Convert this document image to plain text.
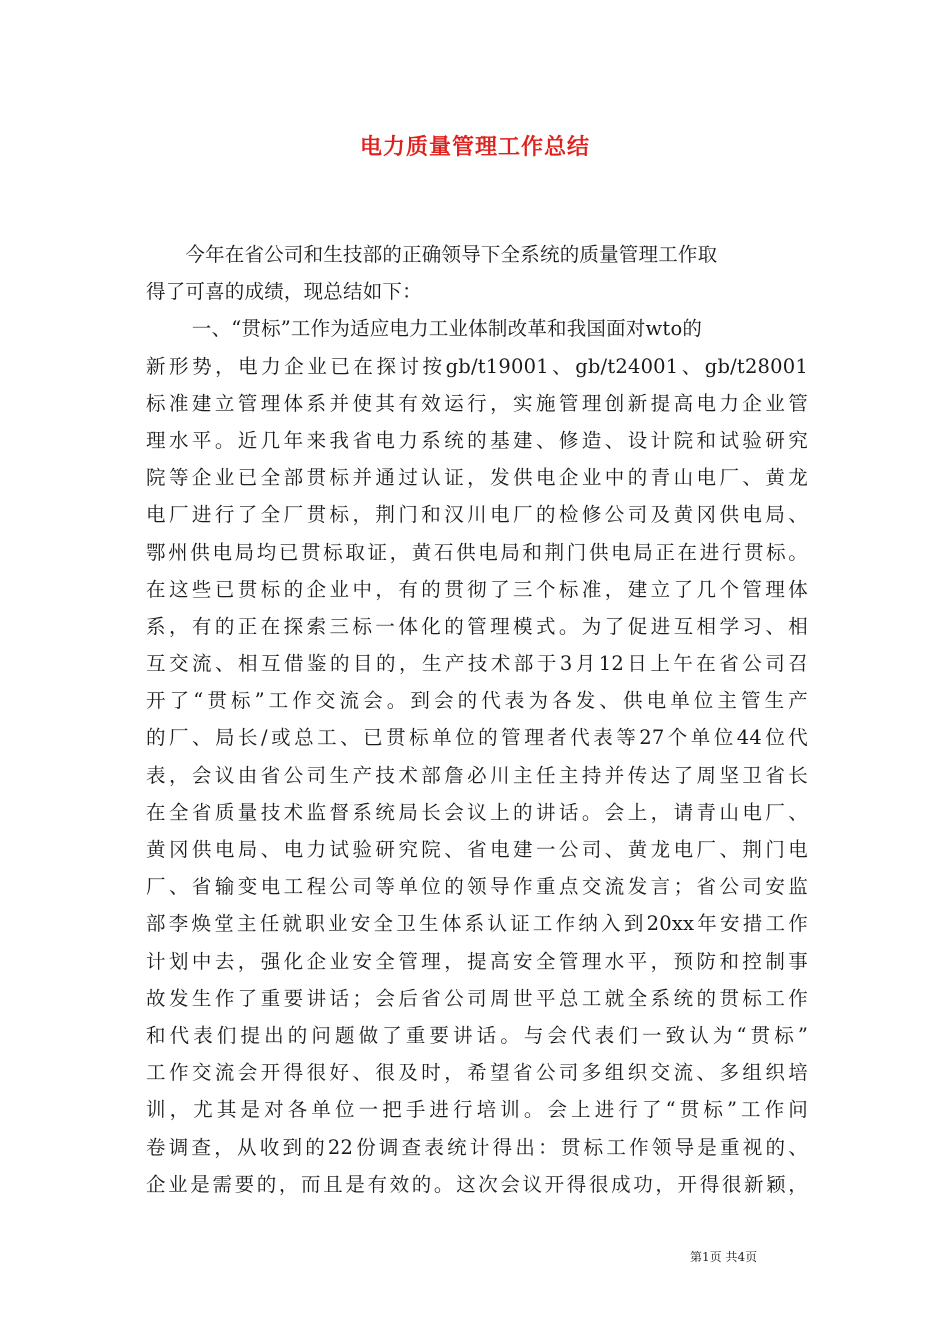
电力质量管理工作总结
　　今年在省公司和生技部的正确领导下全系统的质量管理工作取
得了可喜的成绩，现总结如下：
　　 一、“贯标”工作为适应电力工业体制改革和我国面对wto的
新形势，电力企业已在探讨按gb/t19001、gb/t24001、gb/t28001
标准建立管理体系并使其有效运行，实施管理创新提高电力企业管
理水平。近几年来我省电力系统的基建、修造、设计院和试验研究
院等企业已全部贯标并通过认证，发供电企业中的青山电厂、黄龙
电厂进行了全厂贯标，荆门和汉川电厂的检修公司及黄冈供电局、
鄂州供电局均已贯标取证，黄石供电局和荆门供电局正在进行贯标。
在这些已贯标的企业中，有的贯彻了三个标准，建立了几个管理体
系，有的正在探索三标一体化的管理模式。为了促进互相学习、相
互交流、相互借鉴的目的，生产技术部于3月12日上午在省公司召
开了“贯标”工作交流会。到会的代表为各发、供电单位主管生产
的厂、局长/或总工、已贯标单位的管理者代表等27个单位44位代
表，会议由省公司生产技术部詹必川主任主持并传达了周坚卫省长
在全省质量技术监督系统局长会议上的讲话。会上，请青山电厂、
黄冈供电局、电力试验研究院、省电建一公司、黄龙电厂、荆门电
厂、省输变电工程公司等单位的领导作重点交流发言；省公司安监
部李焕堂主任就职业安全卫生体系认证工作纳入到20xx年安措工作
计划中去，强化企业安全管理，提高安全管理水平，预防和控制事
故发生作了重要讲话；会后省公司周世平总工就全系统的贯标工作
和代表们提出的问题做了重要讲话。与会代表们一致认为“贯标”
工作交流会开得很好、很及时，希望省公司多组织交流、多组织培
训，尤其是对各单位一把手进行培训。会上进行了“贯标”工作问
卷调查，从收到的22份调查表统计得出：贯标工作领导是重视的、
企业是需要的，而且是有效的。这次会议开得很成功，开得很新颖，
第1页 共4页
